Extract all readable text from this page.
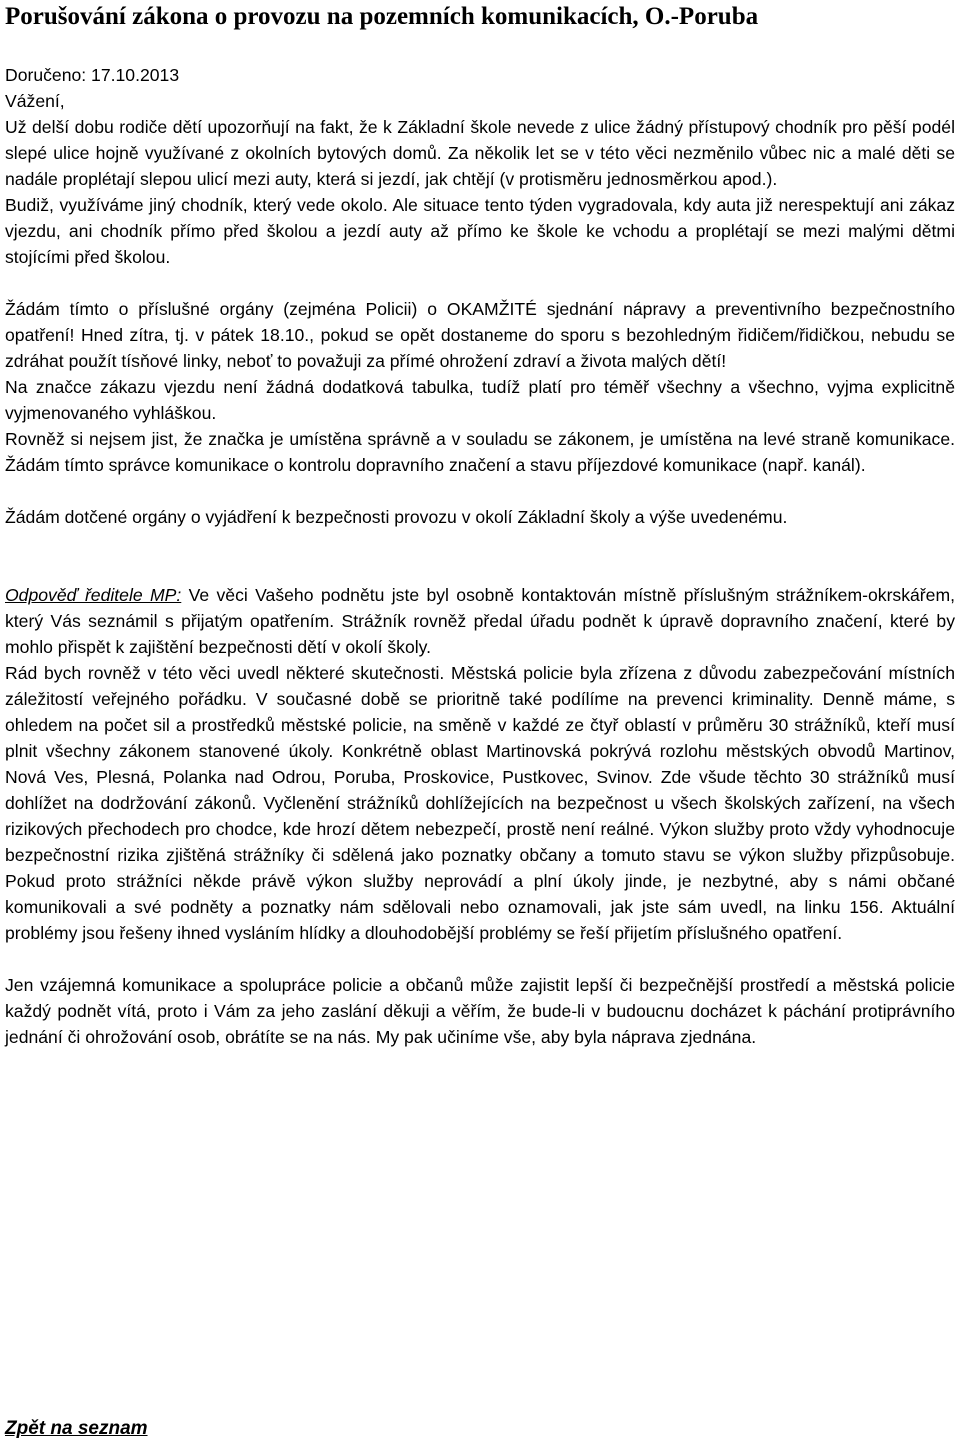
Porušování zákona o provozu na pozemních komunikacích, O.-Poruba

Doručeno: 17.10.2013

Vážení,

Už delší dobu rodiče dětí upozorňují na fakt, že k Základní škole nevede z ulice žádný přístupový chodník pro pěší podél slepé ulice hojně využívané z okolních bytových domů. Za několik let se v této věci nezměnilo vůbec nic a malé děti se nadále proplétají slepou ulicí mezi auty, která si jezdí, jak chtějí (v protisměru jednosměrkou apod.).

Budiž, využíváme jiný chodník, který vede okolo. Ale situace tento týden vygradovala, kdy auta již nerespektují ani zákaz vjezdu, ani chodník přímo před školou a jezdí auty až přímo ke škole ke vchodu a proplétají se mezi malými dětmi stojícími před školou.

Žádám tímto o příslušné orgány (zejména Policii) o OKAMŽITÉ sjednání nápravy a preventivního bezpečnostního opatření! Hned zítra, tj. v pátek 18.10., pokud se opět dostaneme do sporu s bezohledným řidičem/řidičkou, nebudu se zdráhat použít tísňové linky, neboť to považuji za přímé ohrožení zdraví a života malých dětí!

Na značce zákazu vjezdu není žádná dodatková tabulka, tudíž platí pro téměř všechny a všechno, vyjma explicitně vyjmenovaného vyhláškou.

Rovněž si nejsem jist, že značka je umístěna správně a v souladu se zákonem, je umístěna na levé straně komunikace. Žádám tímto správce komunikace o kontrolu dopravního značení a stavu příjezdové komunikace (např. kanál).

Žádám dotčené orgány o vyjádření k bezpečnosti provozu v okolí Základní školy a výše uvedenému.

Odpověď ředitele MP: Ve věci Vašeho podnětu jste byl osobně kontaktován místně příslušným strážníkem-okrskářem, který Vás seznámil s přijatým opatřením. Strážník rovněž předal úřadu podnět k úpravě dopravního značení, které by mohlo přispět k zajištění bezpečnosti dětí v okolí školy.

Rád bych rovněž v této věci uvedl některé skutečnosti. Městská policie byla zřízena z důvodu zabezpečování místních záležitostí veřejného pořádku. V současné době se prioritně také podílíme na prevenci kriminality. Denně máme, s ohledem na počet sil a prostředků městské policie, na směně v každé ze čtyř oblastí v průměru 30 strážníků, kteří musí plnit všechny zákonem stanovené úkoly. Konkrétně oblast Martinovská pokrývá rozlohu městských obvodů Martinov, Nová Ves, Plesná, Polanka nad Odrou, Poruba, Proskovice, Pustkovec, Svinov. Zde všude těchto 30 strážníků musí dohlížet na dodržování zákonů. Vyčlenění strážníků dohlížejících na bezpečnost u všech školských zařízení, na všech rizikových přechodech pro chodce, kde hrozí dětem nebezpečí, prostě není reálné. Výkon služby proto vždy vyhodnocuje bezpečnostní rizika zjištěná strážníky či sdělená jako poznatky občany a tomuto stavu se výkon služby přizpůsobuje. Pokud proto strážníci někde právě výkon služby neprovádí a plní úkoly jinde, je nezbytné, aby s námi občané komunikovali a své podněty a poznatky nám sdělovali nebo oznamovali, jak jste sám uvedl, na linku 156. Aktuální problémy jsou řešeny ihned vysláním hlídky a dlouhodobější problémy se řeší přijetím příslušného opatření.

Jen vzájemná komunikace a spolupráce policie a občanů může zajistit lepší či bezpečnější prostředí a městská policie každý podnět vítá, proto i Vám za jeho zaslání děkuji a věřím, že bude-li v budoucnu docházet k páchání protiprávního jednání či ohrožování osob, obrátíte se na nás. My pak učiníme vše, aby byla náprava zjednána.

Zpět na seznam
